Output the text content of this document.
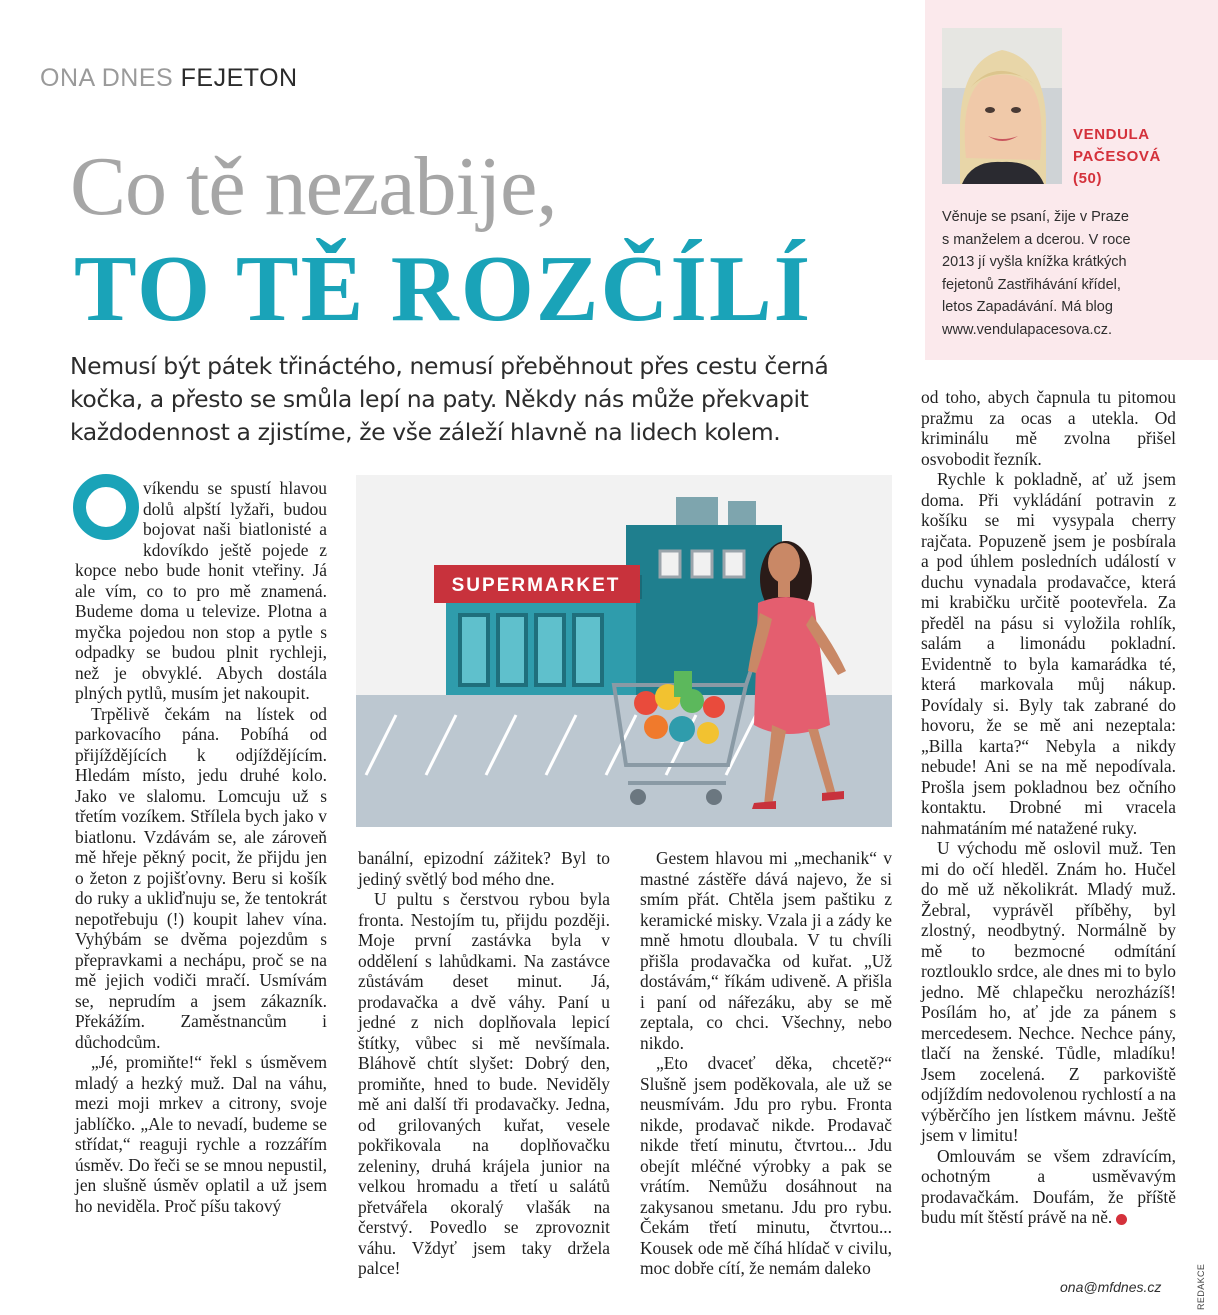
ONA DNES FEJETON
Co tě nezabije,
TO TĚ ROZČÍLÍ
VENDULA
PAČESOVÁ
(50)
Věnuje se psaní, žije v Praze
s manželem a dcerou. V roce
2013 jí vyšla knížka krátkých
fejetonů Zastřihávání křídel,
letos Zapadávání. Má blog
www.vendulapacesova.cz.
Nemusí být pátek třináctého, nemusí přeběhnout přes cestu černá kočka, a přesto se smůla lepí na paty. Někdy nás může překvapit každodennost a zjistíme, že vše záleží hlavně na lidech kolem.

víkendu se spustí hlavou dolů alpští lyžaři, budou bojovat naši biatlonisté a kdovíkdo ještě pojede z kopce nebo bude honit vteřiny. Já ale vím, co to pro mě znamená. Budeme doma u televize. Plotna a myčka pojedou non stop a pytle s odpadky se budou plnit rychleji, než je obvyklé. Abych dostála plných pytlů, musím jet nakoupit.

Trpělivě čekám na lístek od parkovacího pána. Pobíhá od přijíždějících k odjíždějícím. Hledám místo, jedu druhé kolo. Jako ve slalomu. Lomcuju už s třetím vozíkem. Střílela bych jako v biatlonu. Vzdávám se, ale zároveň mě hřeje pěkný pocit, že přijdu jen o žeton z pojišťovny. Beru si košík do ruky a ukliďnuju se, že tentokrát nepotřebuju (!) koupit lahev vína. Vyhýbám se dvěma pojezdům s přepravkami a nechápu, proč se na mě jejich vodiči mračí. Usmívám se, neprudím a jsem zákazník. Překážím. Zaměstnancům i důchodcům.

„Jé, promiňte!“ řekl s úsměvem mladý a hezký muž. Dal na váhu, mezi moji mrkev a citrony, svoje jablíčko. „Ale to nevadí, budeme se střídat,“ reaguji rychle a rozzářím úsměv. Do řeči se se mnou nepustil, jen slušně úsměv oplatil a už jsem ho neviděla. Proč píšu takový

SUPERMARKET

banální, epizodní zážitek? Byl to jediný světlý bod mého dne.

U pultu s čerstvou rybou byla fronta. Nestojím tu, přijdu později. Moje první zastávka byla v oddělení s lahůdkami. Na zastávce zůstávám deset minut. Já, prodavačka a dvě váhy. Paní u jedné z nich doplňovala lepicí štítky, vůbec si mě nevšímala. Bláhově chtít slyšet: Dobrý den, promiňte, hned to bude. Neviděly mě ani další tři prodavačky. Jedna, od grilovaných kuřat, vesele pokřikovala na doplňovačku zeleniny, druhá krájela junior na velkou hromadu a třetí u salátů přetvářela okoralý vlašák na čerstvý. Povedlo se zprovoznit váhu. Vždyť jsem taky držela palce!

Gestem hlavou mi „mechanik“ v mastné zástěře dává najevo, že si smím přát. Chtěla jsem paštiku z keramické misky. Vzala ji a zády ke mně hmotu dloubala. V tu chvíli přišla prodavačka od kuřat. „Už dostávám,“ říkám udiveně. A přišla i paní od nářezáku, aby se mě zeptala, co chci. Všechny, nebo nikdo.

„Eto dvaceť děka, chcetě?“ Slušně jsem poděkovala, ale už se neusmívám. Jdu pro rybu. Fronta nikde, prodavač nikde. Prodavač nikde třetí minutu, čtvrtou... Jdu obejít mléčné výrobky a pak se vrátím. Nemůžu dosáhnout na zakysanou smetanu. Jdu pro rybu. Čekám třetí minutu, čtvrtou... Kousek ode mě číhá hlídač v civilu, moc dobře cítí, že nemám daleko

od toho, abych čapnula tu pitomou pražmu za ocas a utekla. Od kriminálu mě zvolna přišel osvobodit řezník.

Rychle k pokladně, ať už jsem doma. Při vykládání potravin z košíku se mi vysypala cherry rajčata. Popuzeně jsem je posbírala a pod úhlem posledních událostí v duchu vynadala prodavačce, která mi krabičku určitě pootevřela. Za předěl na pásu si vyložila rohlík, salám a limonádu pokladní. Evidentně to byla kamarádka té, která markovala můj nákup. Povídaly si. Byly tak zabrané do hovoru, že se mě ani nezeptala: „Billa karta?“ Nebyla a nikdy nebude! Ani se na mě nepodívala. Prošla jsem pokladnou bez očního kontaktu. Drobné mi vracela nahmatáním mé natažené ruky.

U východu mě oslovil muž. Ten mi do očí hleděl. Znám ho. Hučel do mě už několikrát. Mladý muž. Žebral, vyprávěl příběhy, byl zlostný, neodbytný. Normálně by mě to bezmocné odmítání roztlouklo srdce, ale dnes mi to bylo jedno. Mě chlapečku nerozházíš! Posílám ho, ať jde za pánem s mercedesem. Nechce. Nechce pány, tlačí na ženské. Tůdle, mladíku! Jsem zocelená. Z parkoviště odjíždím nedovolenou rychlostí a na výběrčího jen lístkem mávnu. Ještě jsem v limitu!

Omlouvám se všem zdravícím, ochotným a usměvavým prodavačkám. Doufám, že příště budu mít štěstí právě na ně.

ona@mfdnes.cz	REDAKCE
